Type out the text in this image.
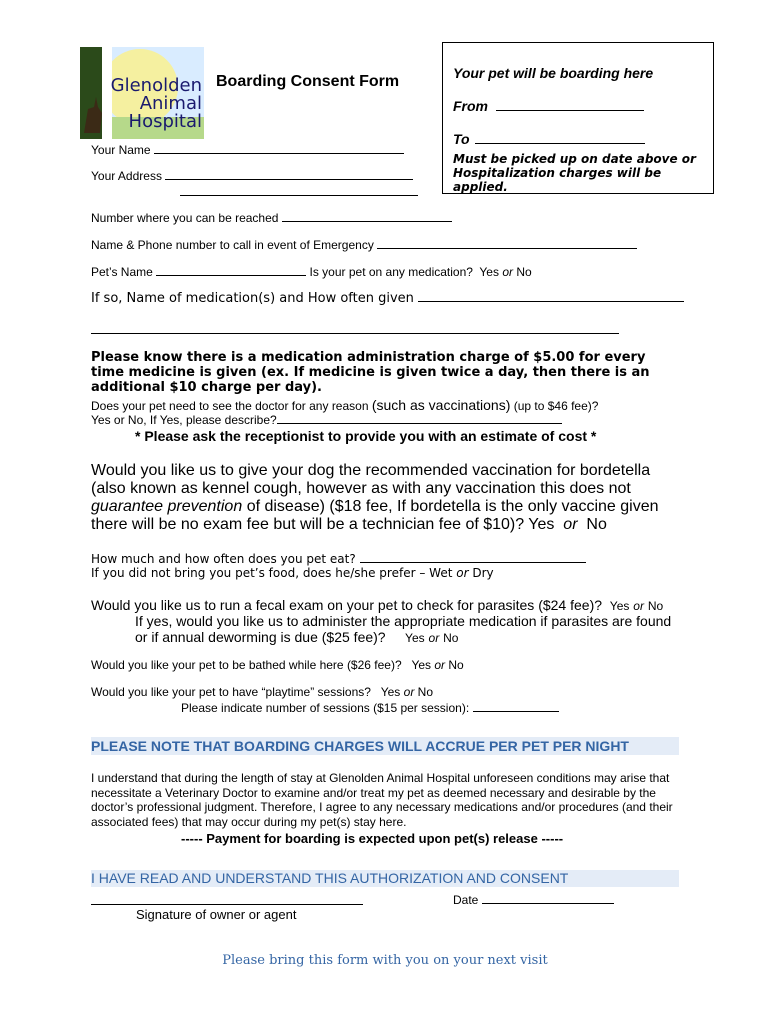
Glenolden
Animal
Hospital
Boarding Consent Form	Your pet will be boarding here
From
To
Must be picked up on date above or Hospitalization charges will be applied.
Your Name
Your Address
Number where you can be reached
Name & Phone number to call in event of Emergency
Pet’s Name	Is your pet on any medication? Yes or No
If so, Name of medication(s) and How often given
Please know there is a medication administration charge of $5.00 for every time medicine is given (ex. If medicine is given twice a day, then there is an additional $10 charge per day).
Does your pet need to see the doctor for any reason (such as vaccinations) (up to $46 fee)?
Yes or No, If Yes, please describe?
* Please ask the receptionist to provide you with an estimate of cost *
Would you like us to give your dog the recommended vaccination for bordetella (also known as kennel cough, however as with any vaccination this does not guarantee prevention of disease) ($18 fee, If bordetella is the only vaccine given there will be no exam fee but will be a technician fee of $10)? Yes or No
How much and how often does you pet eat?
If you did not bring you pet’s food, does he/she prefer – Wet or Dry
Would you like us to run a fecal exam on your pet to check for parasites ($24 fee)? Yes or No
If yes, would you like us to administer the appropriate medication if parasites are found
or if annual deworming is due ($25 fee)? Yes or No
Would you like your pet to be bathed while here ($26 fee)? Yes or No
Would you like your pet to have “playtime” sessions? Yes or No
Please indicate number of sessions ($15 per session):
PLEASE NOTE THAT BOARDING CHARGES WILL ACCRUE PER PET PER NIGHT
I understand that during the length of stay at Glenolden Animal Hospital unforeseen conditions may arise that necessitate a Veterinary Doctor to examine and/or treat my pet as deemed necessary and desirable by the doctor’s professional judgment. Therefore, I agree to any necessary medications and/or procedures (and their associated fees) that may occur during my pet(s) stay here.
----- Payment for boarding is expected upon pet(s) release -----
I HAVE READ AND UNDERSTAND THIS AUTHORIZATION AND CONSENT
Date
Signature of owner or agent
Please bring this form with you on your next visit
